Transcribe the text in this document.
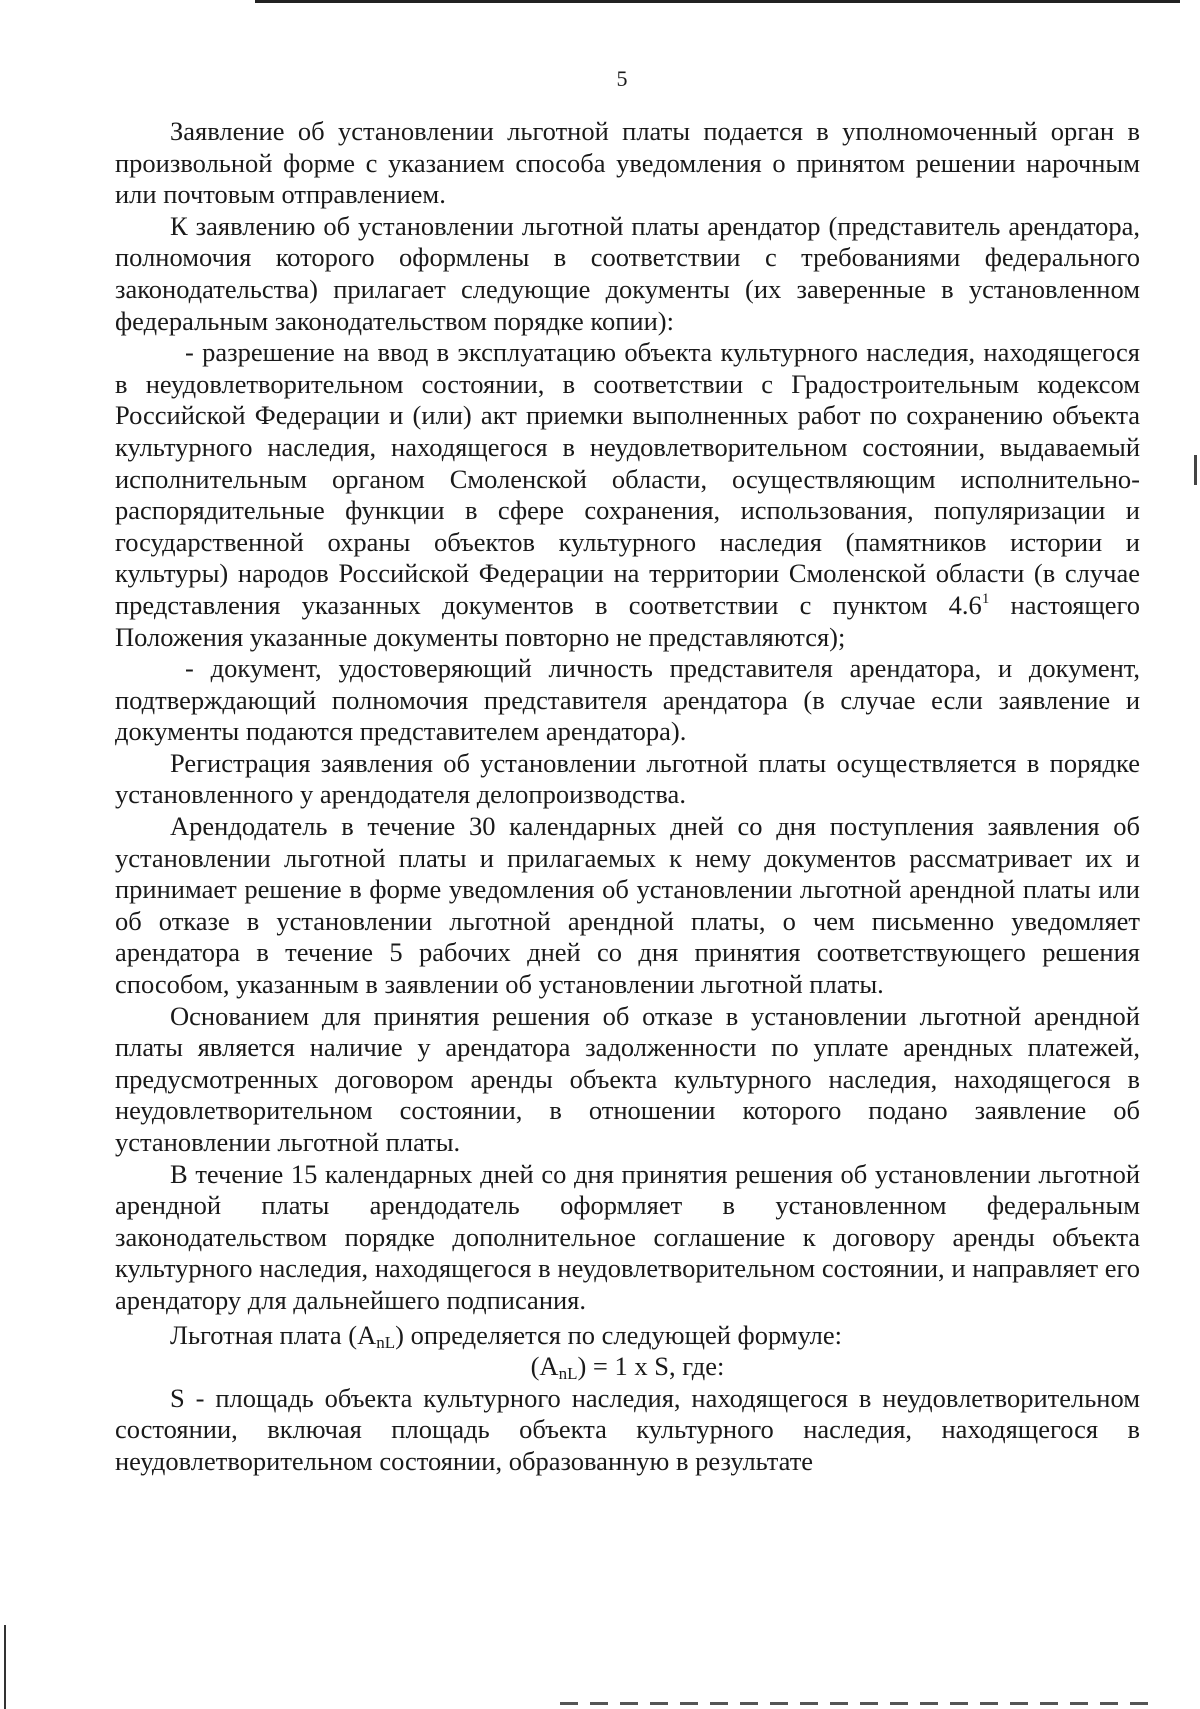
5

Заявление об установлении льготной платы подается в уполномоченный орган в произвольной форме с указанием способа уведомления о принятом решении нарочным или почтовым отправлением.

К заявлению об установлении льготной платы арендатор (представитель арендатора, полномочия которого оформлены в соответствии с требованиями федерального законодательства) прилагает следующие документы (их заверенные в установленном федеральным законодательством порядке копии):

- разрешение на ввод в эксплуатацию объекта культурного наследия, находящегося в неудовлетворительном состоянии, в соответствии с Градостроительным кодексом Российской Федерации и (или) акт приемки выполненных работ по сохранению объекта культурного наследия, находящегося в неудовлетворительном состоянии, выдаваемый исполнительным органом Смоленской области, осуществляющим исполнительно-распорядительные функции в сфере сохранения, использования, популяризации и государственной охраны объектов культурного наследия (памятников истории и культуры) народов Российской Федерации на территории Смоленской области (в случае представления указанных документов в соответствии с пунктом $4.6^1$ настоящего Положения указанные документы повторно не представляются);

- документ, удостоверяющий личность представителя арендатора, и документ, подтверждающий полномочия представителя арендатора (в случае если заявление и документы подаются представителем арендатора).

Регистрация заявления об установлении льготной платы осуществляется в порядке установленного у арендодателя делопроизводства.

Арендодатель в течение 30 календарных дней со дня поступления заявления об установлении льготной платы и прилагаемых к нему документов рассматривает их и принимает решение в форме уведомления об установлении льготной арендной платы или об отказе в установлении льготной арендной платы, о чем письменно уведомляет арендатора в течение 5 рабочих дней со дня принятия соответствующего решения способом, указанным в заявлении об установлении льготной платы.

Основанием для принятия решения об отказе в установлении льготной арендной платы является наличие у арендатора задолженности по уплате арендных платежей, предусмотренных договором аренды объекта культурного наследия, находящегося в неудовлетворительном состоянии, в отношении которого подано заявление об установлении льготной платы.

В течение 15 календарных дней со дня принятия решения об установлении льготной арендной платы арендодатель оформляет в установленном федеральным законодательством порядке дополнительное соглашение к договору аренды объекта культурного наследия, находящегося в неудовлетворительном состоянии, и направляет его арендатору для дальнейшего подписания.

Льготная плата $(A_{nL})$ определяется по следующей формуле:

$(A_{nL}) = 1$ x S, где:

S - площадь объекта культурного наследия, находящегося в неудовлетворительном состоянии, включая площадь объекта культурного наследия, находящегося в неудовлетворительном состоянии, образованную в результате
